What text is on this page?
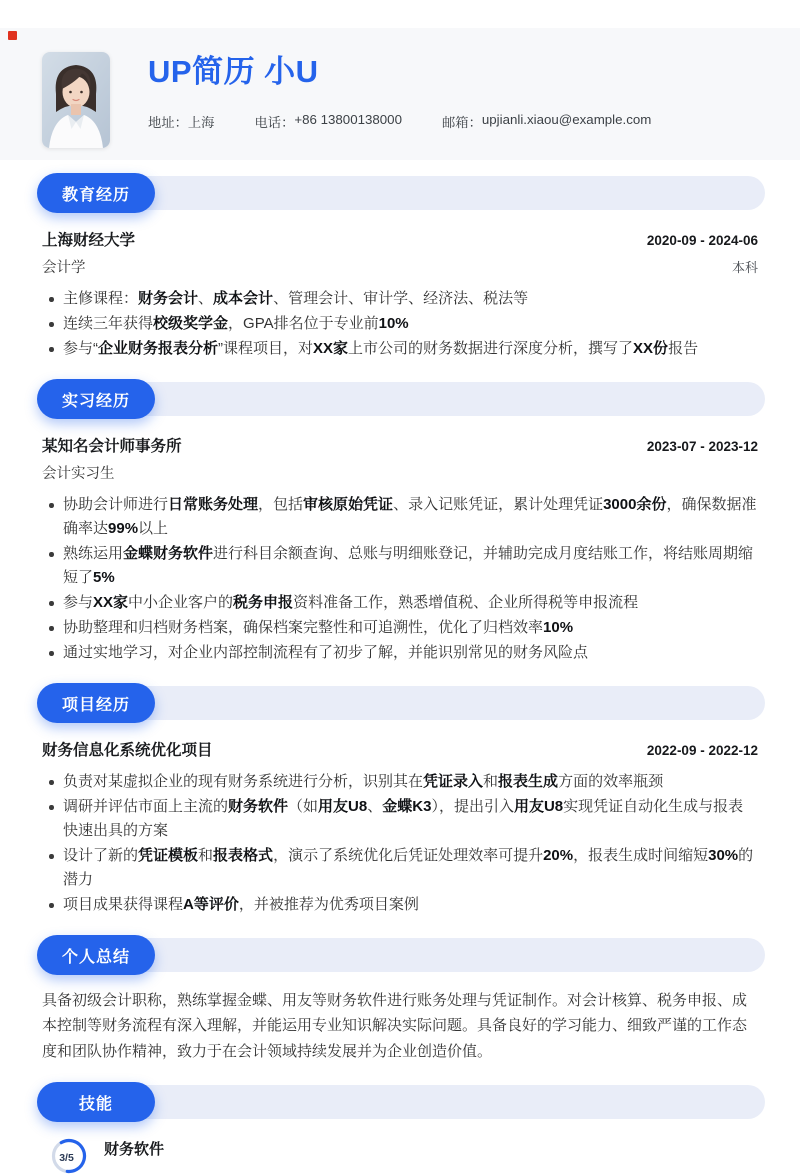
UP简历 小U
地址： 上海	电话： +86 13800138000	邮箱： upjianli.xiaou@example.com
教育经历
上海财经大学	2020-09 - 2024-06
会计学	本科
主修课程：财务会计、成本会计、管理会计、审计学、经济法、税法等
连续三年获得校级奖学金，GPA排名位于专业前10%
参与“企业财务报表分析”课程项目，对XX家上市公司的财务数据进行深度分析，撰写了XX份报告
实习经历
某知名会计师事务所	2023-07 - 2023-12
会计实习生
协助会计师进行日常账务处理，包括审核原始凭证、录入记账凭证，累计处理凭证3000余份，确保数据准确率达99%以上
熟练运用金蝶财务软件进行科目余额查询、总账与明细账登记，并辅助完成月度结账工作，将结账周期缩短了5%
参与XX家中小企业客户的税务申报资料准备工作，熟悉增值税、企业所得税等申报流程
协助整理和归档财务档案，确保档案完整性和可追溯性，优化了归档效率10%
通过实地学习，对企业内部控制流程有了初步了解，并能识别常见的财务风险点
项目经历
财务信息化系统优化项目	2022-09 - 2022-12
负责对某虚拟企业的现有财务系统进行分析，识别其在凭证录入和报表生成方面的效率瓶颈
调研并评估市面上主流的财务软件（如用友U8、金蝶K3），提出引入用友U8实现凭证自动化生成与报表快速出具的方案
设计了新的凭证模板和报表格式，演示了系统优化后凭证处理效率可提升20%，报表生成时间缩短30%的潜力
项目成果获得课程A等评价，并被推荐为优秀项目案例
个人总结

具备初级会计职称，熟练掌握金蝶、用友等财务软件进行账务处理与凭证制作。对会计核算、税务申报、成本控制等财务流程有深入理解，并能运用专业知识解决实际问题。具备良好的学习能力、细致严谨的工作态度和团队协作精神，致力于在会计领域持续发展并为企业创造价值。

技能
3/5 财务软件
